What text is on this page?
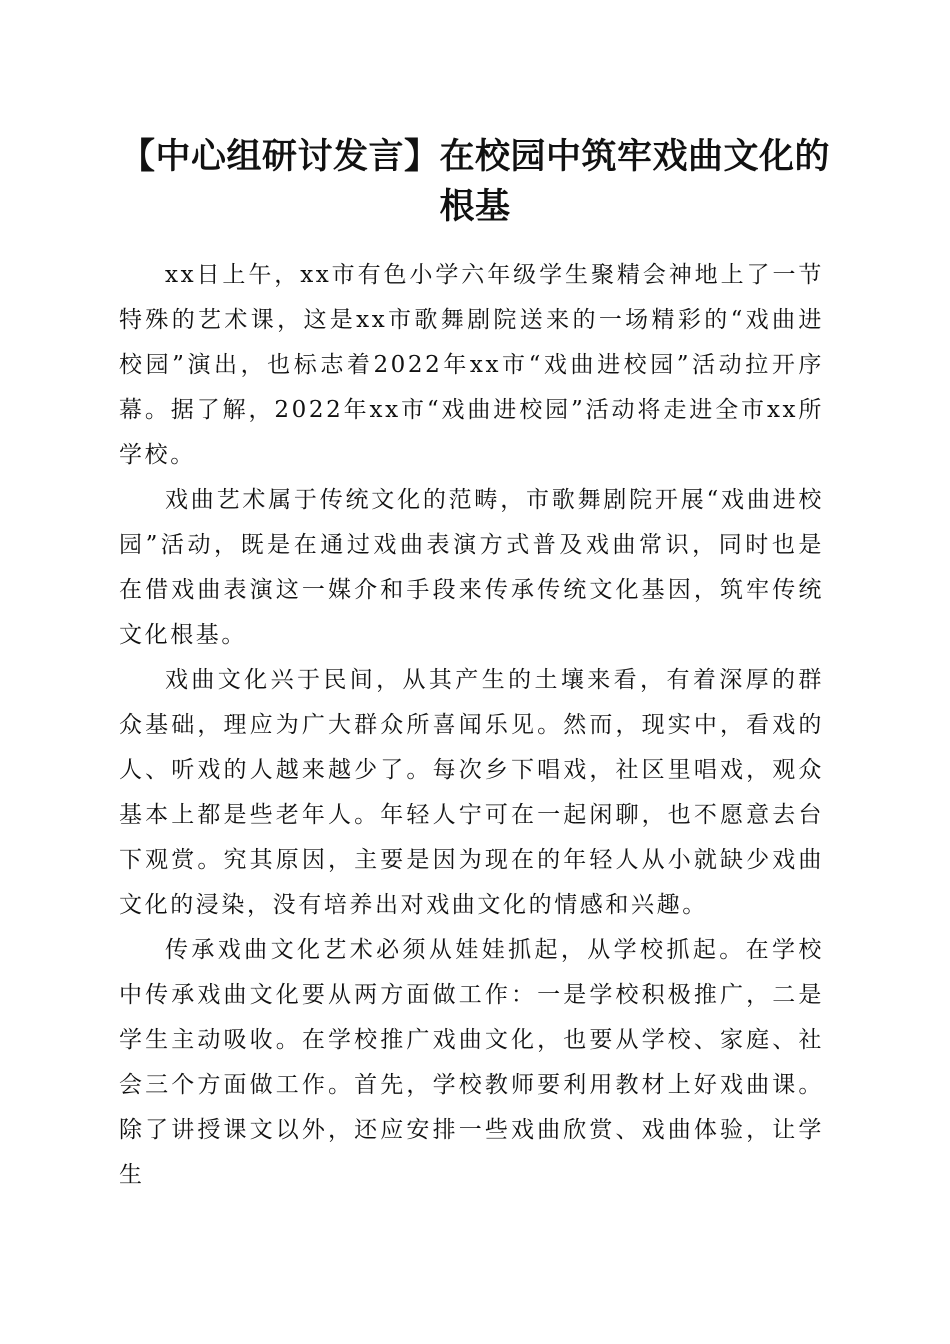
【中心组研讨发言】在校园中筑牢戏曲文化的根基

xx日上午，xx市有色小学六年级学生聚精会神地上了一节特殊的艺术课，这是xx市歌舞剧院送来的一场精彩的“戏曲进校园”演出，也标志着2022年xx市“戏曲进校园”活动拉开序幕。据了解，2022年xx市“戏曲进校园”活动将走进全市xx所学校。

戏曲艺术属于传统文化的范畴，市歌舞剧院开展“戏曲进校园”活动，既是在通过戏曲表演方式普及戏曲常识，同时也是在借戏曲表演这一媒介和手段来传承传统文化基因，筑牢传统文化根基。

戏曲文化兴于民间，从其产生的土壤来看，有着深厚的群众基础，理应为广大群众所喜闻乐见。然而，现实中，看戏的人、听戏的人越来越少了。每次乡下唱戏，社区里唱戏，观众基本上都是些老年人。年轻人宁可在一起闲聊，也不愿意去台下观赏。究其原因，主要是因为现在的年轻人从小就缺少戏曲文化的浸染，没有培养出对戏曲文化的情感和兴趣。

传承戏曲文化艺术必须从娃娃抓起，从学校抓起。在学校中传承戏曲文化要从两方面做工作：一是学校积极推广，二是学生主动吸收。在学校推广戏曲文化，也要从学校、家庭、社会三个方面做工作。首先，学校教师要利用教材上好戏曲课。除了讲授课文以外，还应安排一些戏曲欣赏、戏曲体验，让学生
